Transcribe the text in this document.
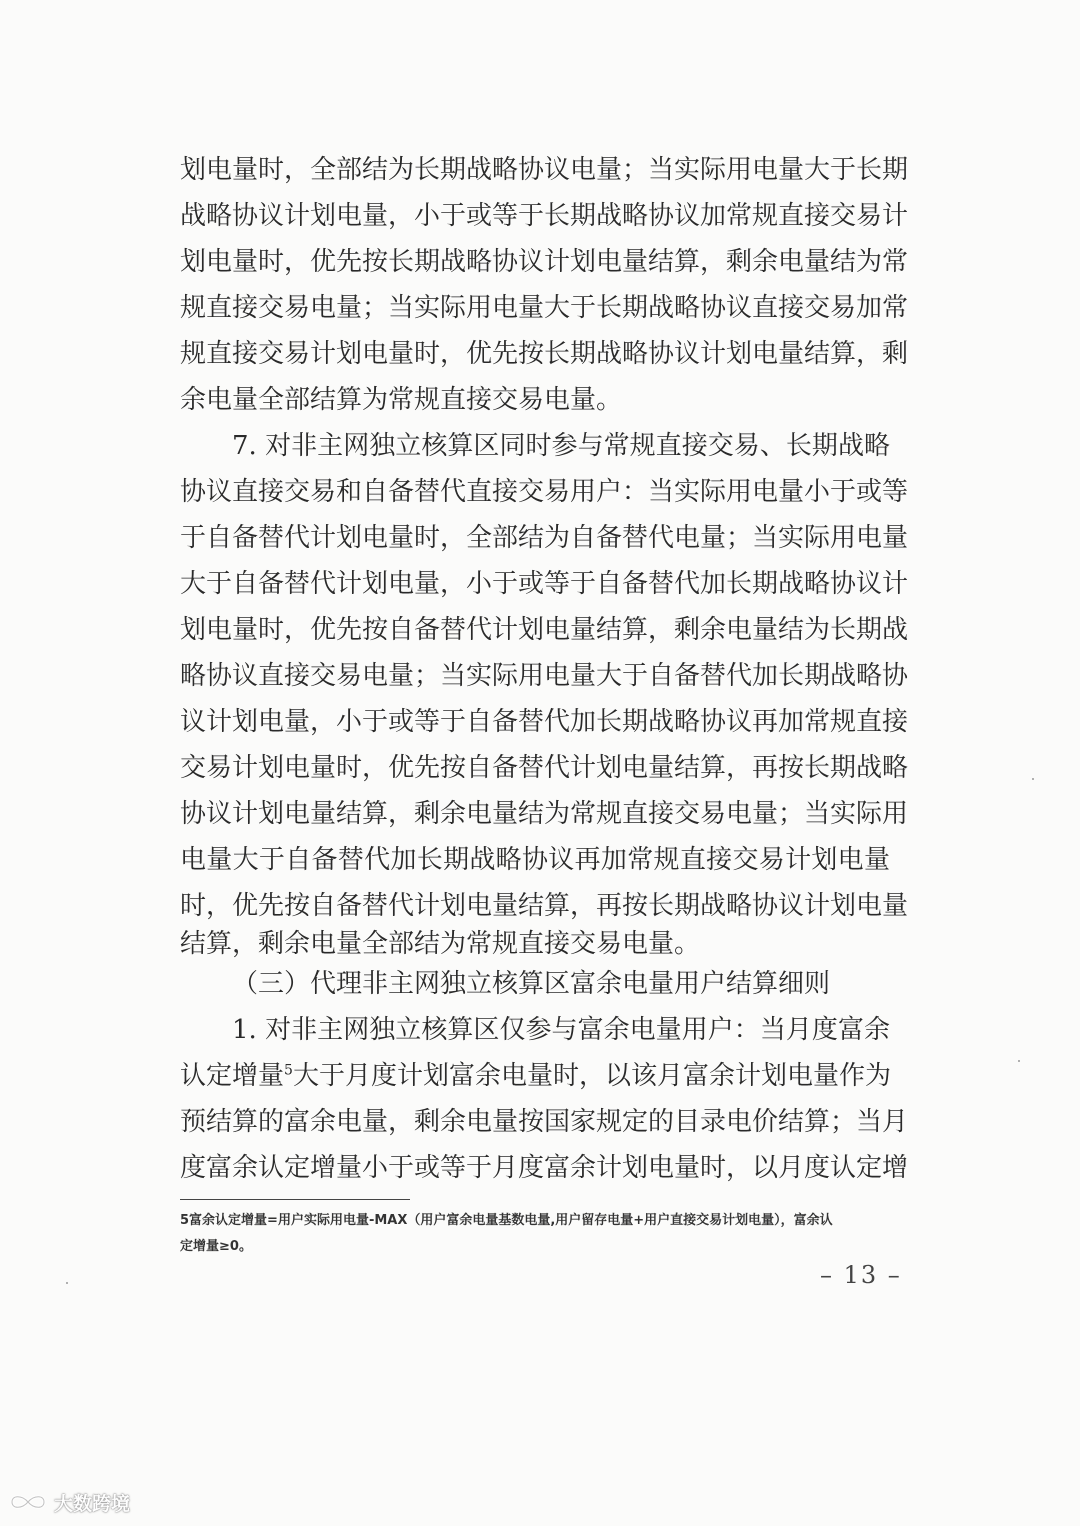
划电量时，全部结为长期战略协议电量；当实际用电量大于长期
战略协议计划电量，小于或等于长期战略协议加常规直接交易计
划电量时，优先按长期战略协议计划电量结算，剩余电量结为常
规直接交易电量；当实际用电量大于长期战略协议直接交易加常
规直接交易计划电量时，优先按长期战略协议计划电量结算，剩
余电量全部结算为常规直接交易电量。
7. 对非主网独立核算区同时参与常规直接交易、长期战略
协议直接交易和自备替代直接交易用户：当实际用电量小于或等
于自备替代计划电量时，全部结为自备替代电量；当实际用电量
大于自备替代计划电量，小于或等于自备替代加长期战略协议计
划电量时，优先按自备替代计划电量结算，剩余电量结为长期战
略协议直接交易电量；当实际用电量大于自备替代加长期战略协
议计划电量，小于或等于自备替代加长期战略协议再加常规直接
交易计划电量时，优先按自备替代计划电量结算，再按长期战略
协议计划电量结算，剩余电量结为常规直接交易电量；当实际用
电量大于自备替代加长期战略协议再加常规直接交易计划电量
时，优先按自备替代计划电量结算，再按长期战略协议计划电量
结算，剩余电量全部结为常规直接交易电量。
（三）代理非主网独立核算区富余电量用户结算细则
1. 对非主网独立核算区仅参与富余电量用户：当月度富余
认定增量$^5$大于月度计划富余电量时，以该月富余计划电量作为
预结算的富余电量，剩余电量按国家规定的目录电价结算；当月
度富余认定增量小于或等于月度富余计划电量时，以月度认定增
5富余认定增量=用户实际用电量-MAX（用户富余电量基数电量,用户留存电量+用户直接交易计划电量），富余认
定增量≥0。
– 13 –
大数跨境
